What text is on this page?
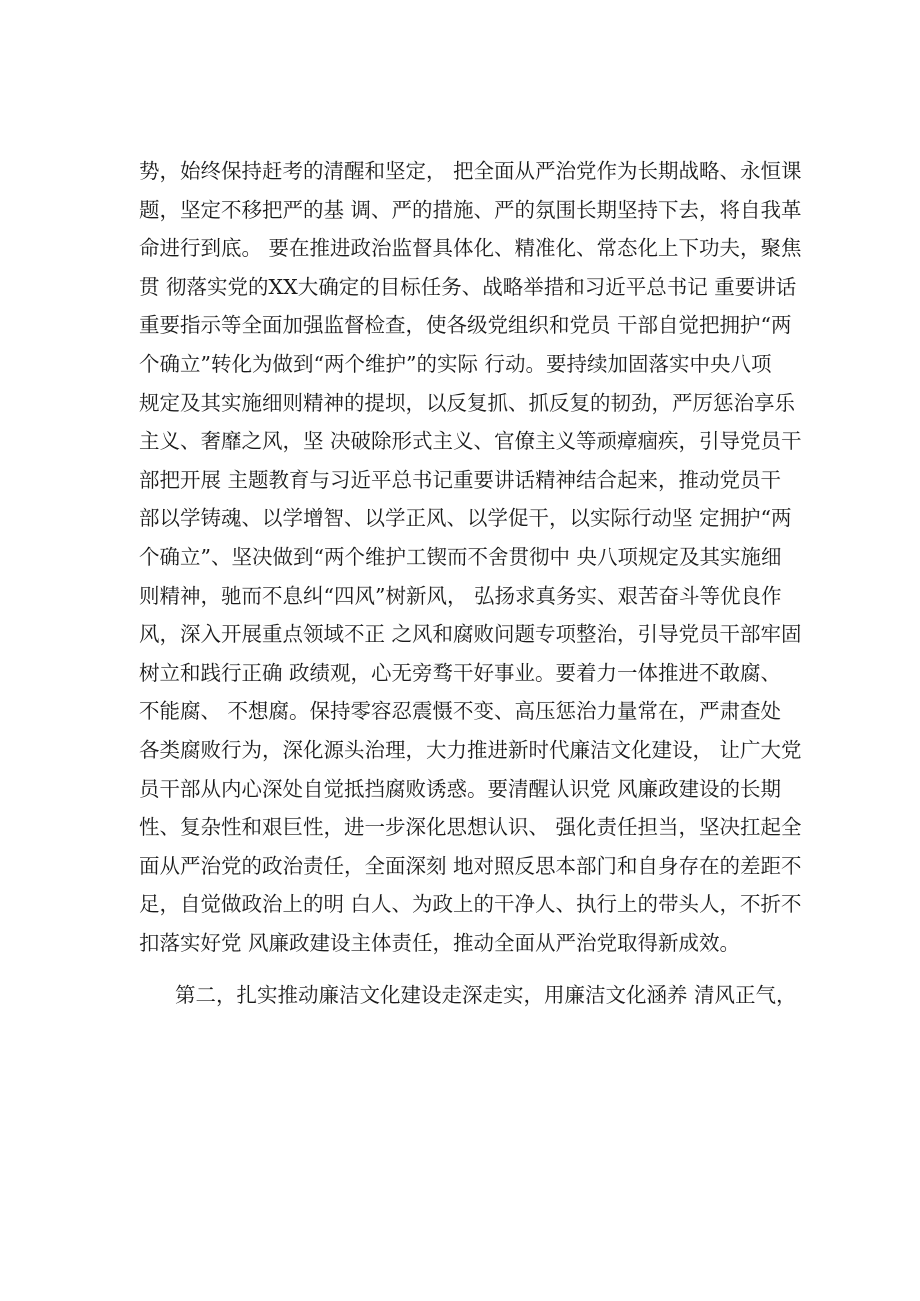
势，始终保持赶考的清醒和坚定， 把全面从严治党作为长期战略、永恒课
题，坚定不移把严的基 调、严的措施、严的氛围长期坚持下去，将自我革
命进行到底。 要在推进政治监督具体化、精准化、常态化上下功夫，聚焦
贯 彻落实党的XX大确定的目标任务、战略举措和习近平总书记 重要讲话
重要指示等全面加强监督检查，使各级党组织和党员 干部自觉把拥护“两
个确立”转化为做到“两个维护”的实际 行动。要持续加固落实中央八项
规定及其实施细则精神的提坝，以反复抓、抓反复的韧劲，严厉惩治享乐
主义、奢靡之风，坚 决破除形式主义、官僚主义等顽瘴痼疾，引导党员干
部把开展 主题教育与习近平总书记重要讲话精神结合起来，推动党员干
部以学铸魂、以学增智、以学正风、以学促干，以实际行动坚 定拥护“两
个确立”、坚决做到“两个维护工锲而不舍贯彻中 央八项规定及其实施细
则精神，驰而不息纠“四风”树新风， 弘扬求真务实、艰苦奋斗等优良作
风，深入开展重点领域不正 之风和腐败问题专项整治，引导党员干部牢固
树立和践行正确 政绩观，心无旁骛干好事业。要着力一体推进不敢腐、
不能腐、 不想腐。保持零容忍震慑不变、高压惩治力量常在，严肃查处
各类腐败行为，深化源头治理，大力推进新时代廉洁文化建设， 让广大党
员干部从内心深处自觉抵挡腐败诱惑。要清醒认识党 风廉政建设的长期
性、复杂性和艰巨性，进一步深化思想认识、 强化责任担当，坚决扛起全
面从严治党的政治责任，全面深刻 地对照反思本部门和自身存在的差距不
足，自觉做政治上的明 白人、为政上的干净人、执行上的带头人，不折不
扣落实好党 风廉政建设主体责任，推动全面从严治党取得新成效。
第二，扎实推动廉洁文化建设走深走实，用廉洁文化涵养 清风正气，
